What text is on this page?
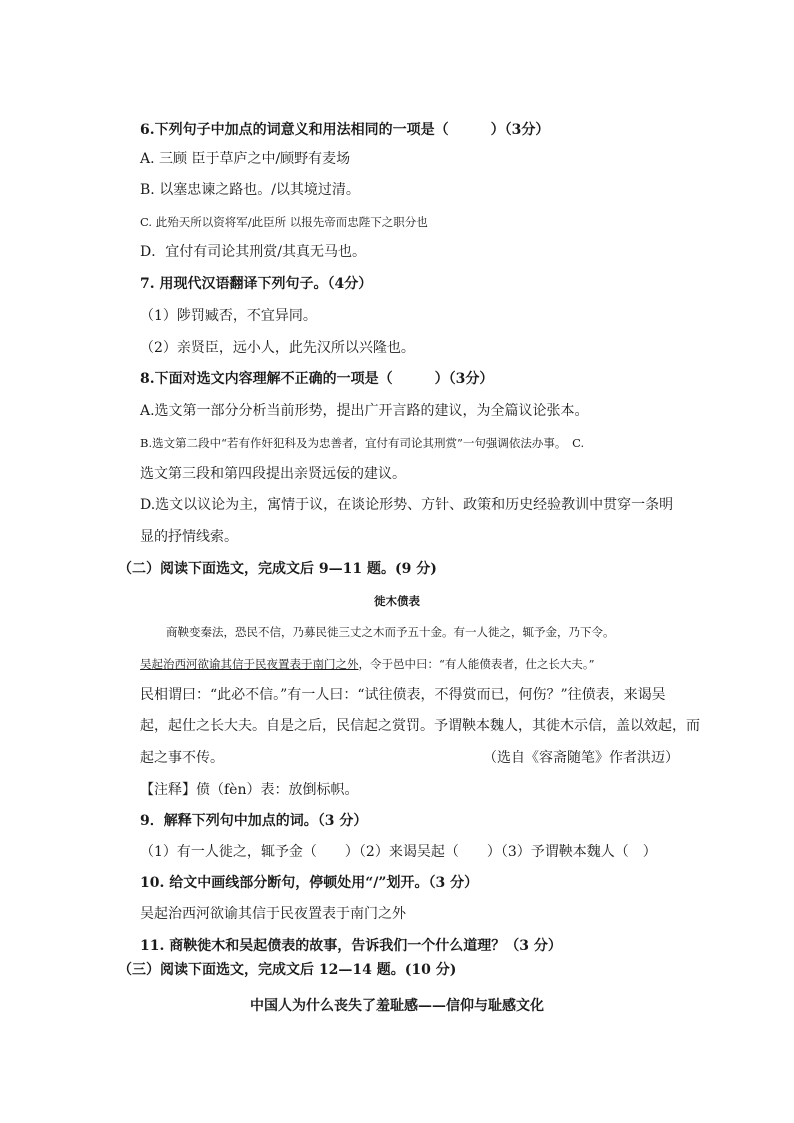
6.下列句子中加点的词意义和用法相同的一项是（　　　）（3分）
A. 三顾 臣于草庐之中/顾野有麦场
B. 以塞忠谏之路也。/以其境过清。
C. 此殆天所以资将军/此臣所 以报先帝而忠陛下之职分也
D．宜付有司论其刑赏/其真无马也。
7. 用现代汉语翻译下列句子。（4分）
（1）陟罚臧否，不宜异同。
（2）亲贤臣，远小人，此先汉所以兴隆也。
8.下面对选文内容理解不正确的一项是（　　　）（3分）
A.选文第一部分分析当前形势，提出广开言路的建议，为全篇议论张本。
B.选文第二段中“若有作奸犯科及为忠善者，宜付有司论其刑赏”一句强调依法办事。　C.
选文第三段和第四段提出亲贤远佞的建议。
D.选文以议论为主，寓情于议，在谈论形势、方针、政策和历史经验教训中贯穿一条明
显的抒情线索。
（二）阅读下面选文，完成文后 9—11 题。(9 分)
徙木偾表
商鞅变秦法，恐民不信，乃募民徙三丈之木而予五十金。有一人徙之，辄予金，乃下令。
吴起治西河欲谕其信于民夜置表于南门之外，令于邑中曰：“有人能偾表者，仕之长大夫。”
民相谓曰：“此必不信。”有一人曰：“试往偾表，不得赏而已，何伤？”往偾表，来谒吴
起，起仕之长大夫。自是之后，民信起之赏罚。予谓鞅本魏人，其徙木示信，盖以效起，而
起之事不传。	（选自《容斋随笔》作者洪迈）
【注释】偾（fèn）表：放倒标帜。
9．解释下列句中加点的词。（3 分）
（1）有一人徙之，辄予金（　　）（2）来谒吴起（　　）（3）予谓鞅本魏人（　）
10. 给文中画线部分断句，停顿处用“/”划开。（3 分）
吴起治西河欲谕其信于民夜置表于南门之外
11. 商鞅徙木和吴起偾表的故事，告诉我们一个什么道理？（3 分）
（三）阅读下面选文，完成文后 12—14 题。(10 分)
中国人为什么丧失了羞耻感——信仰与耻感文化
